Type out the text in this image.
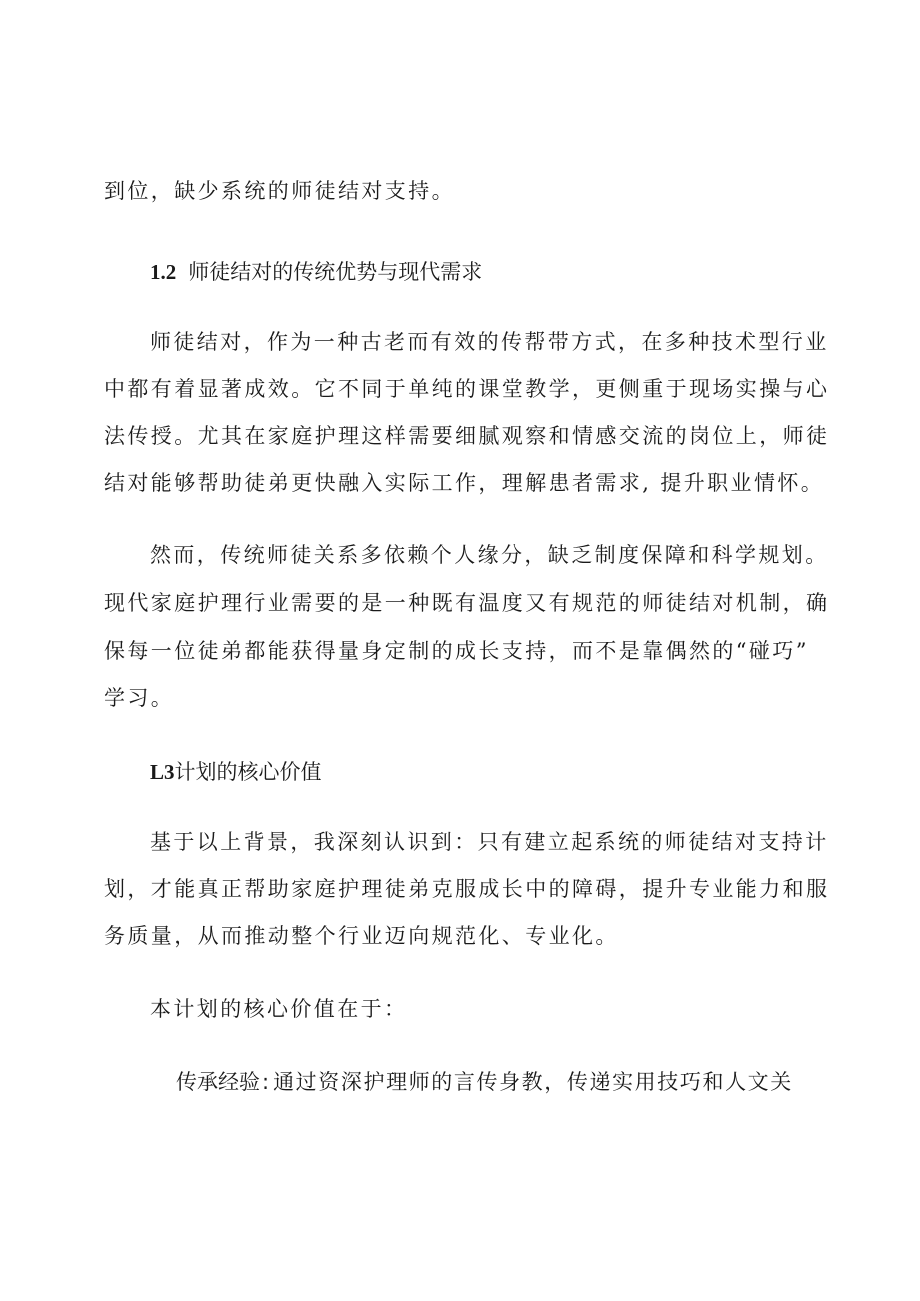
到位，缺少系统的师徒结对支持。
1.2 师徒结对的传统优势与现代需求
师徒结对，作为一种古老而有效的传帮带方式，在多种技术型行业
中都有着显著成效。它不同于单纯的课堂教学，更侧重于现场实操与心
法传授。尤其在家庭护理这样需要细腻观察和情感交流的岗位上，师徒
结对能够帮助徒弟更快融入实际工作，理解患者需求, 提升职业情怀。
然而，传统师徒关系多依赖个人缘分，缺乏制度保障和科学规划。
现代家庭护理行业需要的是一种既有温度又有规范的师徒结对机制，确
保每一位徒弟都能获得量身定制的成长支持，而不是靠偶然的“碰巧”
学习。
L3计划的核心价值
基于以上背景，我深刻认识到：只有建立起系统的师徒结对支持计
划，才能真正帮助家庭护理徒弟克服成长中的障碍，提升专业能力和服
务质量，从而推动整个行业迈向规范化、专业化。
本计划的核心价值在于：
传承经验: 通过资深护理师的言传身教，传递实用技巧和人文关
